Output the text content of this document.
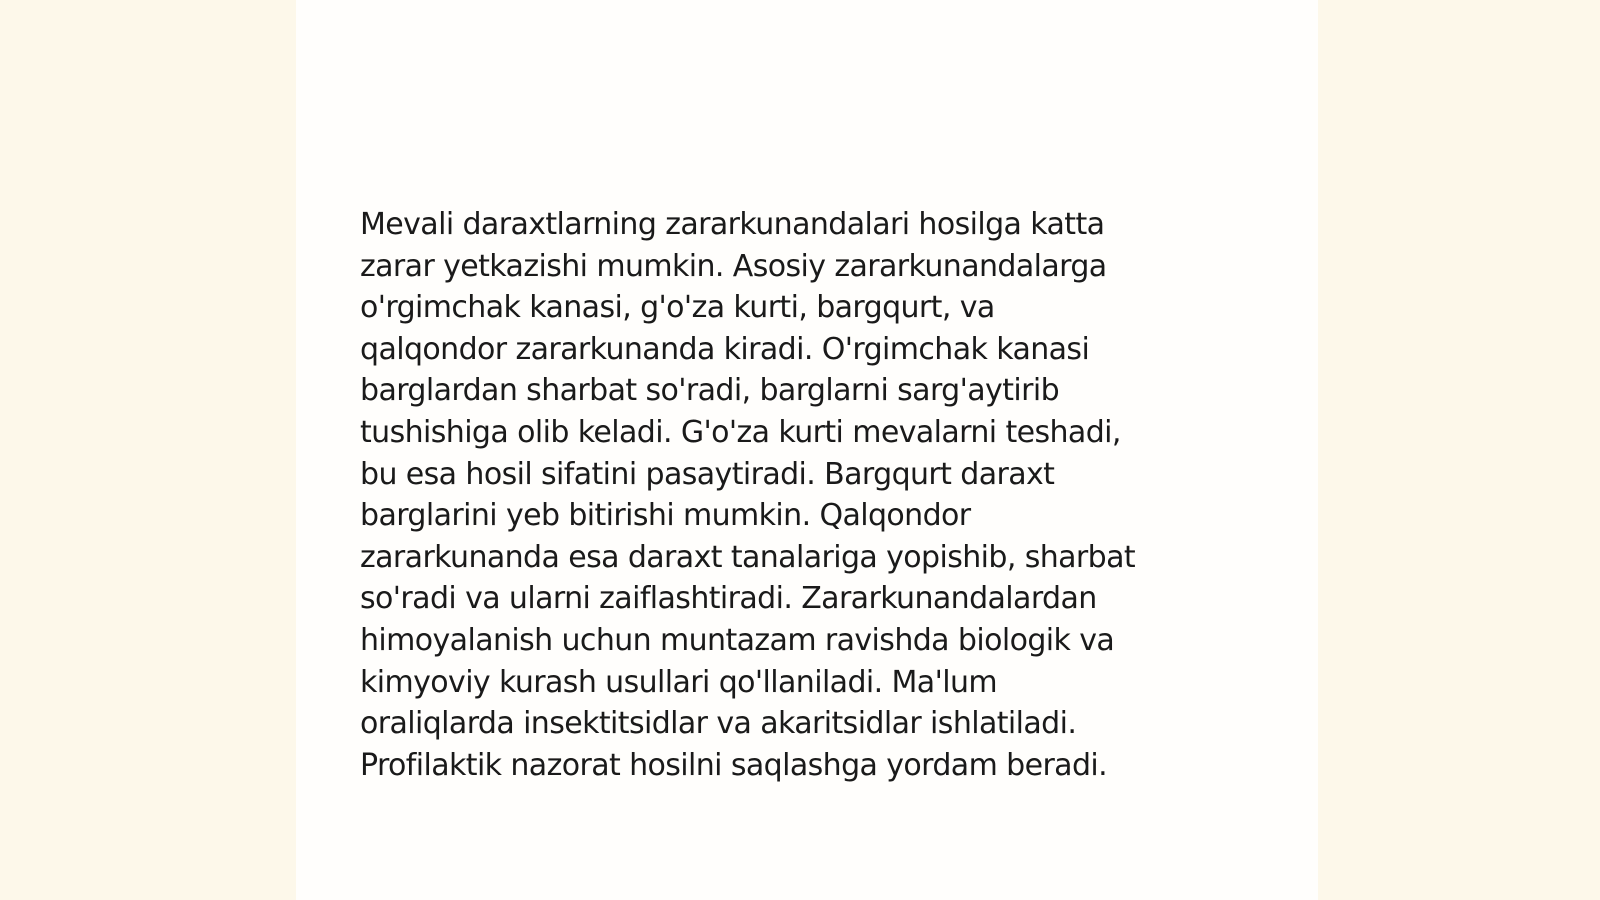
Mevali daraxtlarning zararkunandalari hosilga katta
zarar yetkazishi mumkin. Asosiy zararkunandalarga
o'rgimchak kanasi, g'o'za kurti, bargqurt, va
qalqondor zararkunanda kiradi. O'rgimchak kanasi
barglardan sharbat so'radi, barglarni sarg'aytirib
tushishiga olib keladi. G'o'za kurti mevalarni teshadi,
bu esa hosil sifatini pasaytiradi. Bargqurt daraxt
barglarini yeb bitirishi mumkin. Qalqondor
zararkunanda esa daraxt tanalariga yopishib, sharbat
so'radi va ularni zaiflashtiradi. Zararkunandalardan
himoyalanish uchun muntazam ravishda biologik va
kimyoviy kurash usullari qo'llaniladi. Ma'lum
oraliqlarda insektitsidlar va akaritsidlar ishlatiladi.
Profilaktik nazorat hosilni saqlashga yordam beradi.
